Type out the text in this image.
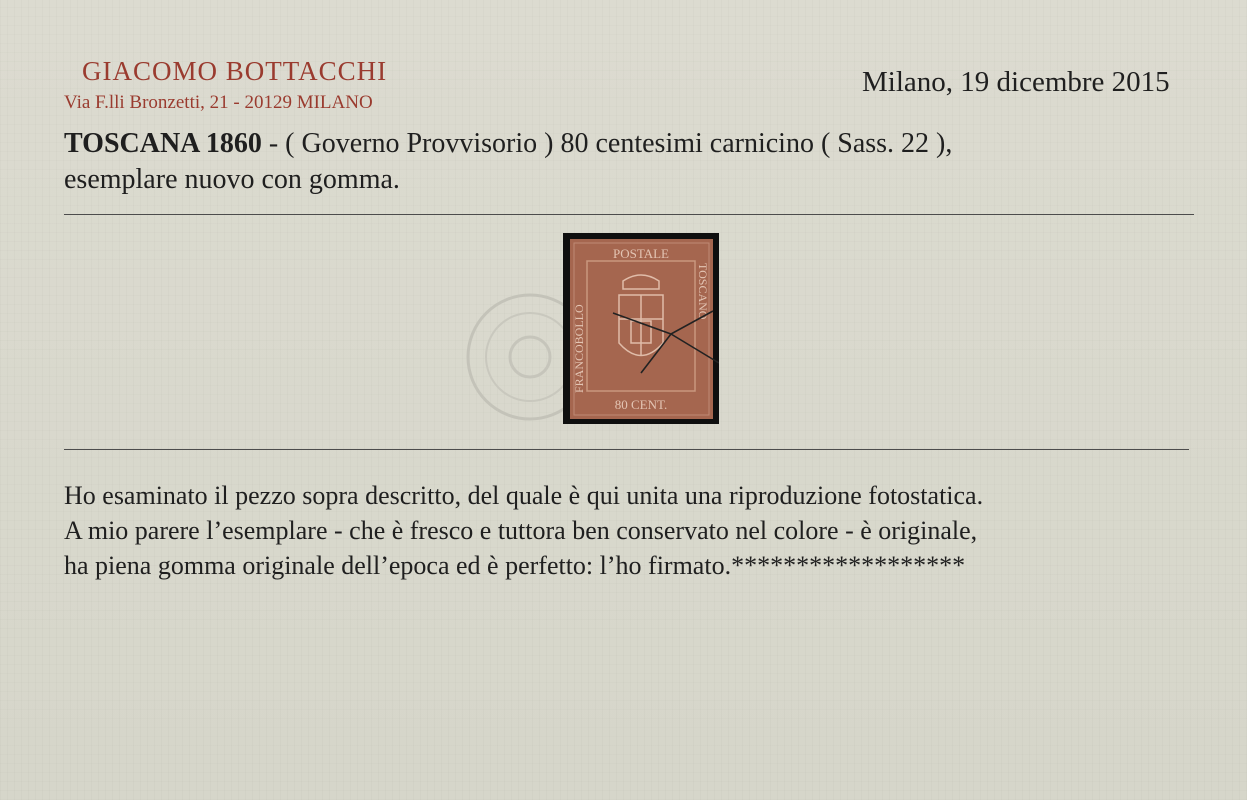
GIACOMO BOTTACCHI
Via F.lli Bronzetti, 21 - 20129 MILANO
Milano, 19 dicembre 2015
TOSCANA 1860 - ( Governo Provvisorio ) 80 centesimi carnicino ( Sass. 22 ),
esemplare nuovo con gomma.
POSTALE
80 CENT.
FRANCOBOLLO
TOSCANO
Ho esaminato il pezzo sopra descritto, del quale è qui unita una riproduzione fotostatica.
A mio parere l’esemplare - che è fresco e tuttora ben conservato nel colore - è originale,
ha piena gomma originale dell’epoca ed è perfetto: l’ho firmato.******************
